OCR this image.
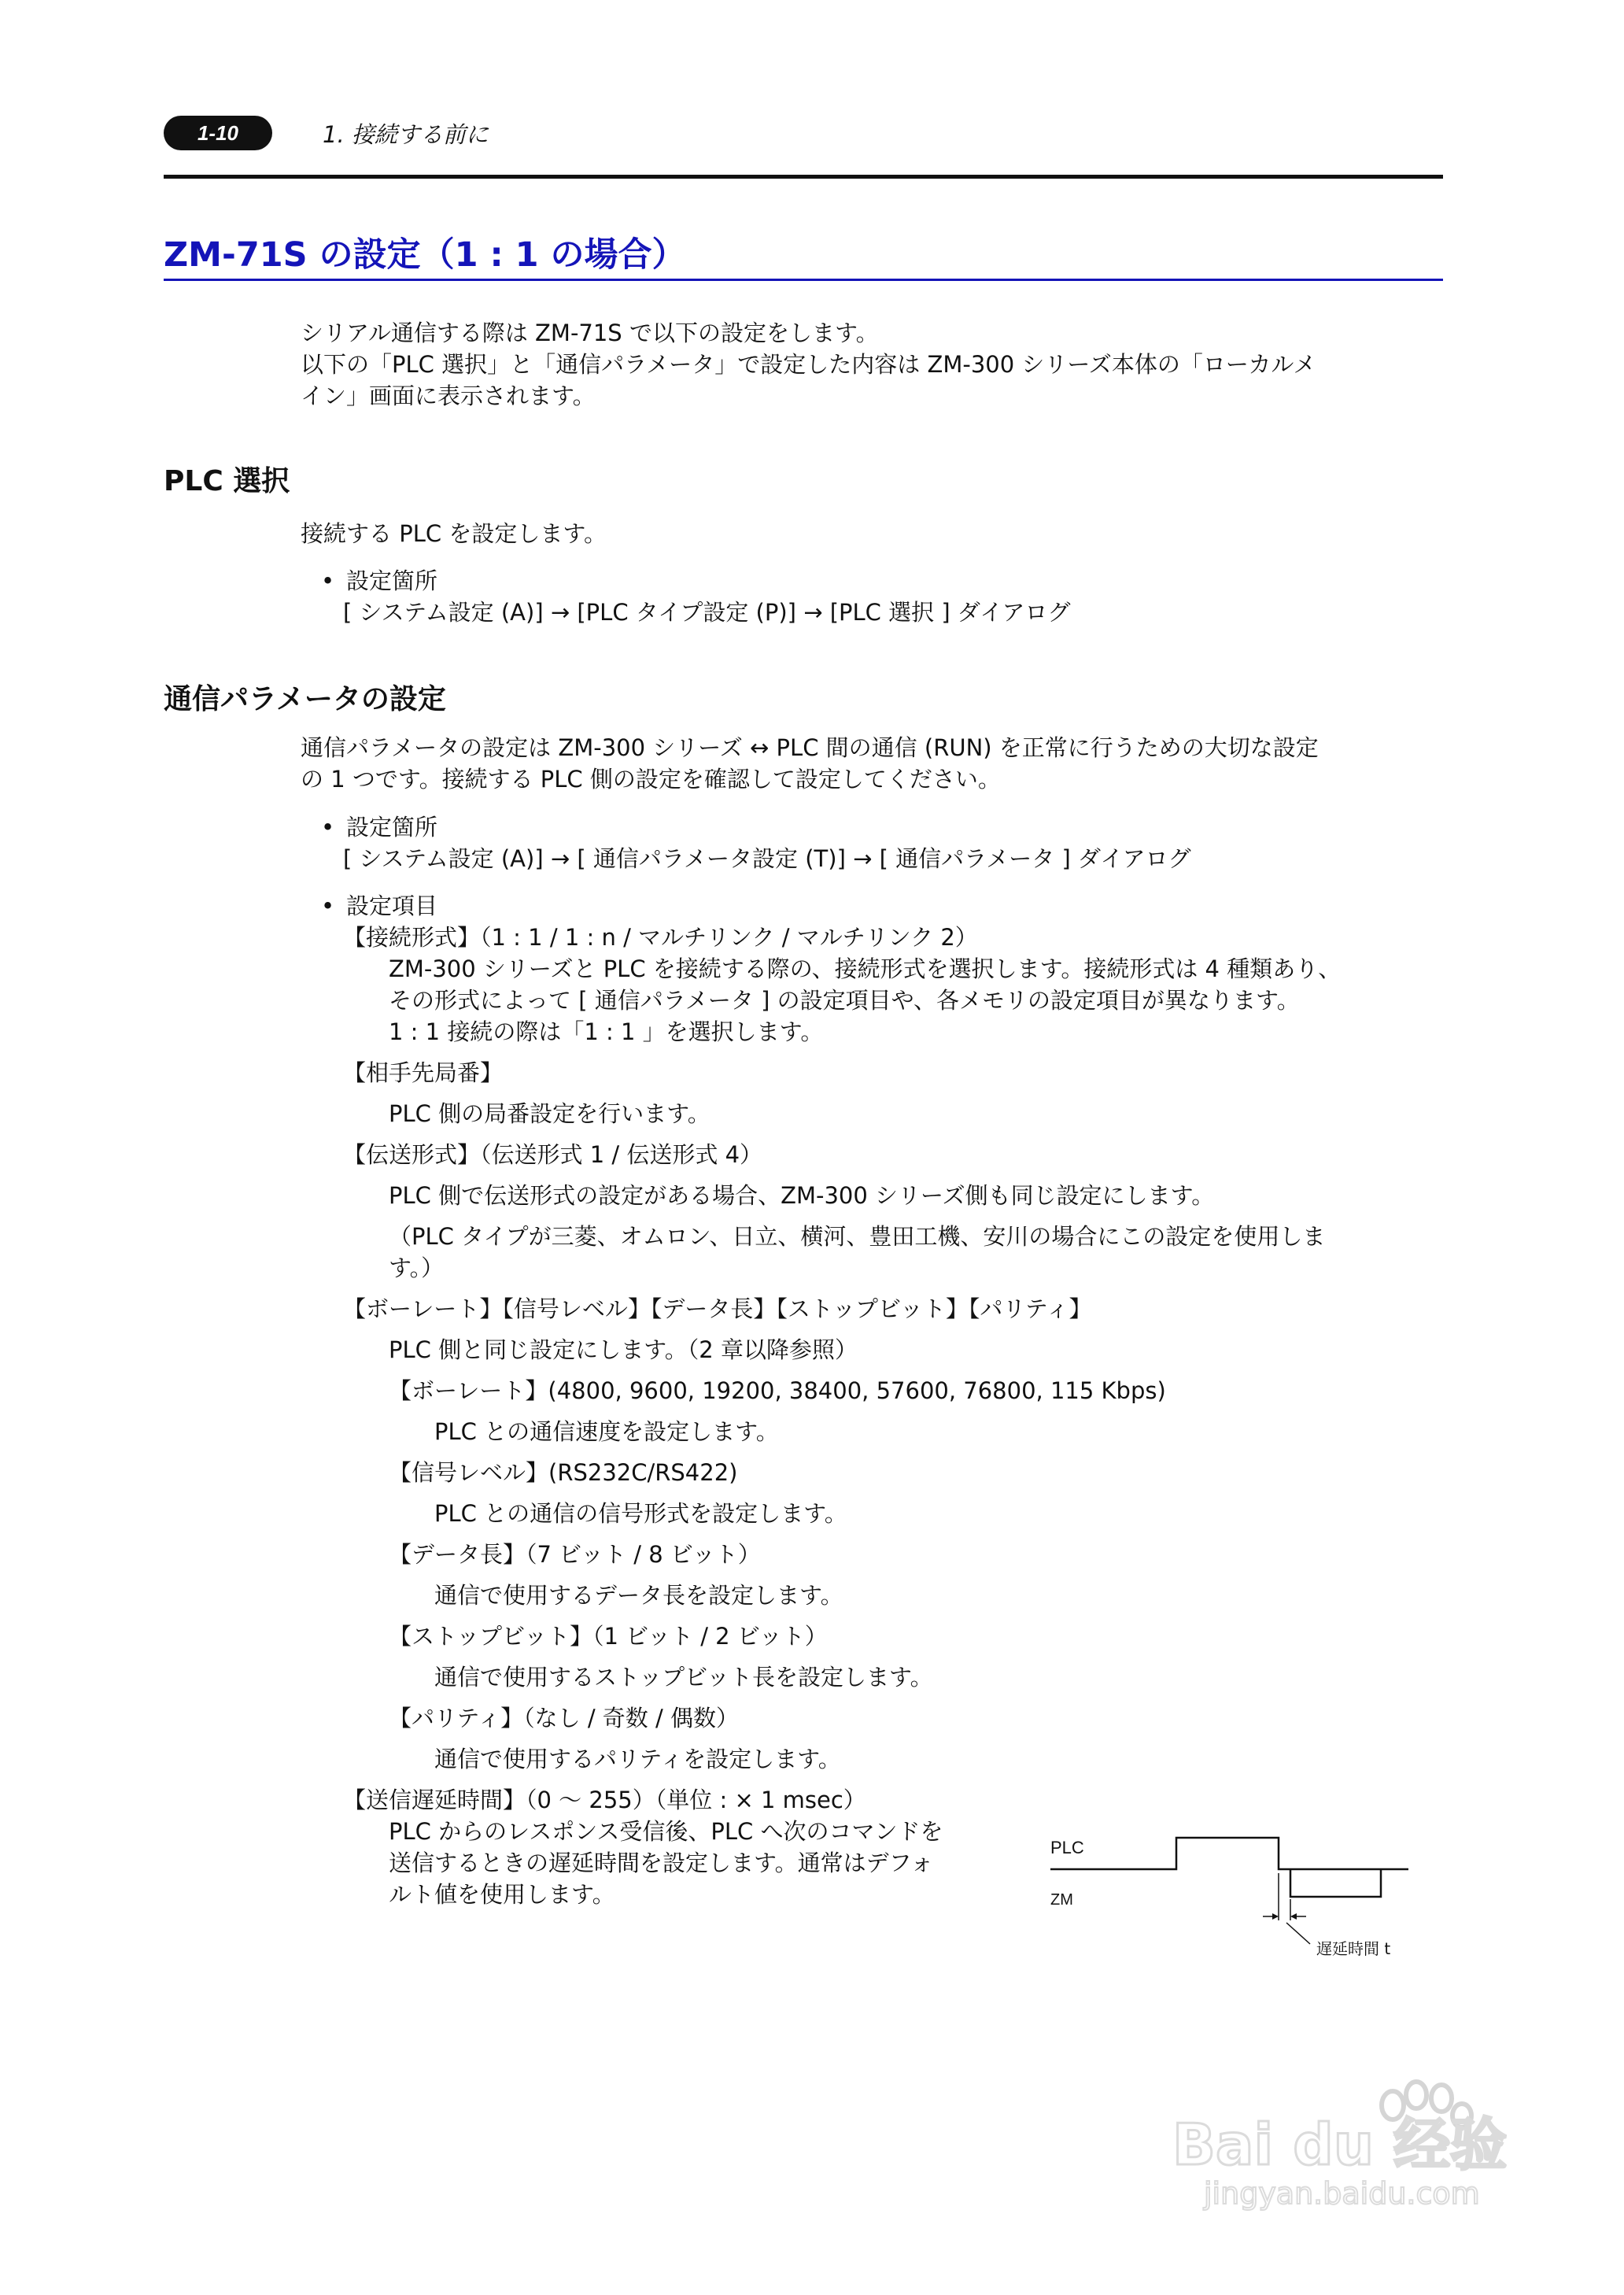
1-10	1. 接続する前に
ZM-71S の設定（1 : 1 の場合）
シリアル通信する際は ZM-71S で以下の設定をします。
以下の「PLC 選択」と「通信パラメータ」で設定した内容は ZM-300 シリーズ本体の「ローカルメ
イン」画面に表示されます。
PLC 選択
接続する PLC を設定します。
• 設定箇所
[ システム設定 (A)] → [PLC タイプ設定 (P)] → [PLC 選択 ] ダイアログ
通信パラメータの設定
通信パラメータの設定は ZM-300 シリーズ ↔ PLC 間の通信 (RUN) を正常に行うための大切な設定
の 1 つです。接続する PLC 側の設定を確認して設定してください。
• 設定箇所
[ システム設定 (A)] → [ 通信パラメータ設定 (T)] → [ 通信パラメータ ] ダイアログ
• 設定項目
【接続形式】（1 : 1 / 1 : n / マルチリンク / マルチリンク 2）
ZM-300 シリーズと PLC を接続する際の、接続形式を選択します。接続形式は 4 種類あり、
その形式によって [ 通信パラメータ ] の設定項目や、各メモリの設定項目が異なります。
1 : 1 接続の際は「1 : 1 」を選択します。
【相手先局番】
PLC 側の局番設定を行います。
【伝送形式】（伝送形式 1 / 伝送形式 4）
PLC 側で伝送形式の設定がある場合、ZM-300 シリーズ側も同じ設定にします。
（PLC タイプが三菱、オムロン、日立、横河、豊田工機、安川の場合にこの設定を使用しま
す。）
【ボーレート】【信号レベル】【データ長】【ストップビット】【パリティ】
PLC 側と同じ設定にします。（2 章以降参照）
【ボーレート】(4800, 9600, 19200, 38400, 57600, 76800, 115 Kbps)
PLC との通信速度を設定します。
【信号レベル】(RS232C/RS422)
PLC との通信の信号形式を設定します。
【データ長】（7 ビット / 8 ビット）
通信で使用するデータ長を設定します。
【ストップビット】（1 ビット / 2 ビット）
通信で使用するストップビット長を設定します。
【パリティ】（なし / 奇数 / 偶数）
通信で使用するパリティを設定します。
【送信遅延時間】（0 ～ 255）（単位 : × 1 msec）
PLC からのレスポンス受信後、PLC へ次のコマンドを
送信するときの遅延時間を設定します。通常はデフォ
ルト値を使用します。
PLC
ZM
遅延時間 t
Bai du 经验
jingyan.baidu.com
